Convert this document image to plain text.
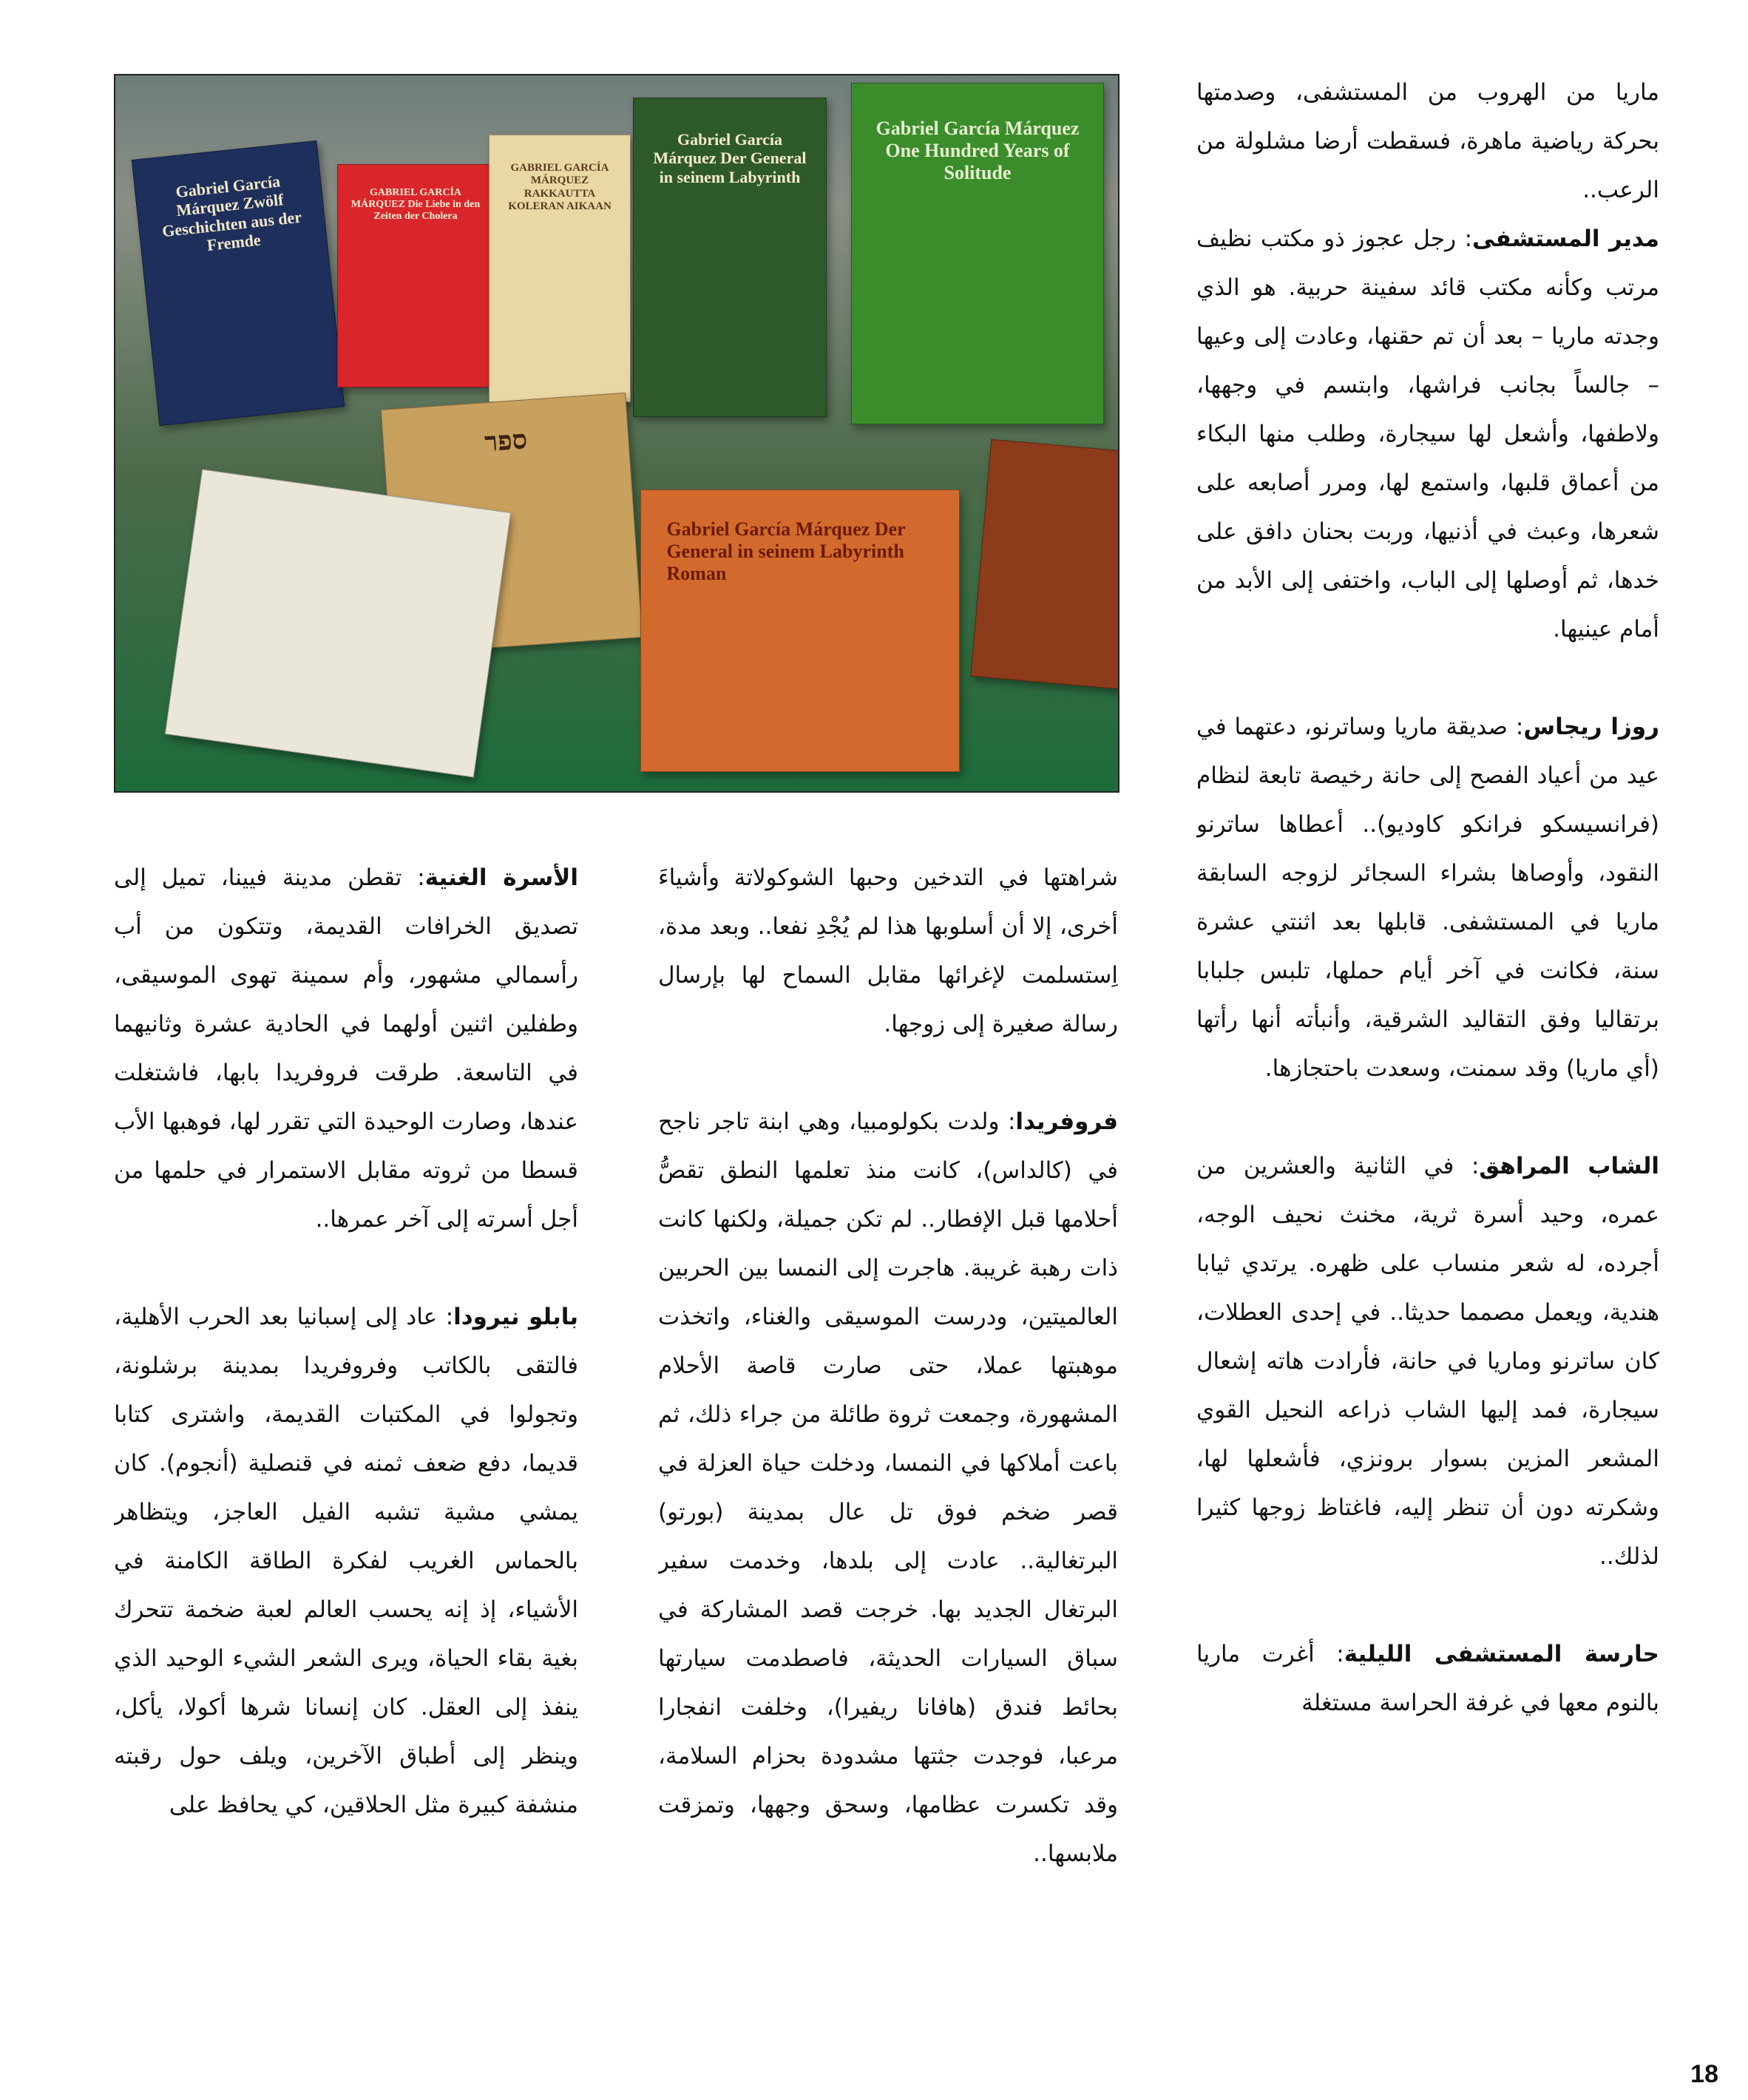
Gabriel García Márquez Zwölf Geschichten aus der Fremde
GABRIEL GARCÍA MÁRQUEZ Die Liebe in den Zeiten der Cholera
GABRIEL GARCÍA MÁRQUEZ RAKKAUTTA KOLERAN AIKAAN
Gabriel García Márquez Der General in seinem Labyrinth
Gabriel García Márquez One Hundred Years of Solitude
ספר
Gabriel García Márquez Der General in seinem Labyrinth Roman

ماريا من الهروب من المستشفى، وصدمتها بحركة رياضية ماهرة، فسقطت أرضا مشلولة من الرعب..

مدير المستشفى: رجل عجوز ذو مكتب نظيف مرتب وكأنه مكتب قائد سفينة حربية. هو الذي وجدته ماريا – بعد أن تم حقنها، وعادت إلى وعيها – جالساً بجانب فراشها، وابتسم في وجهها، ولاطفها، وأشعل لها سيجارة، وطلب منها البكاء من أعماق قلبها، واستمع لها، ومرر أصابعه على شعرها، وعبث في أذنيها، وربت بحنان دافق على خدها، ثم أوصلها إلى الباب، واختفى إلى الأبد من أمام عينيها.

روزا ريجاس: صديقة ماريا وساترنو، دعتهما في عيد من أعياد الفصح إلى حانة رخيصة تابعة لنظام (فرانسيسكو فرانكو كاوديو).. أعطاها ساترنو النقود، وأوصاها بشراء السجائر لزوجه السابقة ماريا في المستشفى. قابلها بعد اثنتي عشرة سنة، فكانت في آخر أيام حملها، تلبس جلبابا برتقاليا وفق التقاليد الشرقية، وأنبأته أنها رأتها (أي ماريا) وقد سمنت، وسعدت باحتجازها.

الشاب المراهق: في الثانية والعشرين من عمره، وحيد أسرة ثرية، مخنث نحيف الوجه، أجرده، له شعر منساب على ظهره. يرتدي ثيابا هندية، ويعمل مصمما حديثا.. في إحدى العطلات، كان ساترنو وماريا في حانة، فأرادت هاته إشعال سيجارة، فمد إليها الشاب ذراعه النحيل القوي المشعر المزين بسوار برونزي، فأشعلها لها، وشكرته دون أن تنظر إليه، فاغتاظ زوجها كثيرا لذلك..

حارسة المستشفى الليلية: أغرت ماريا بالنوم معها في غرفة الحراسة مستغلة

شراهتها في التدخين وحبها الشوكولاتة وأشياءَ أخرى، إلا أن أسلوبها هذا لم يُجْدِ نفعا.. وبعد مدة، اِستسلمت لإغرائها مقابل السماح لها بإرسال رسالة صغيرة إلى زوجها.

فروفريدا: ولدت بكولومبيا، وهي ابنة تاجر ناجح في (كالداس)، كانت منذ تعلمها النطق تقصُّ أحلامها قبل الإفطار.. لم تكن جميلة، ولكنها كانت ذات رهبة غريبة. هاجرت إلى النمسا بين الحربين العالميتين، ودرست الموسيقى والغناء، واتخذت موهبتها عملا، حتى صارت قاصة الأحلام المشهورة، وجمعت ثروة طائلة من جراء ذلك، ثم باعت أملاكها في النمسا، ودخلت حياة العزلة في قصر ضخم فوق تل عال بمدينة (بورتو) البرتغالية.. عادت إلى بلدها، وخدمت سفير البرتغال الجديد بها. خرجت قصد المشاركة في سباق السيارات الحديثة، فاصطدمت سيارتها بحائط فندق (هافانا ريفيرا)، وخلفت انفجارا مرعبا، فوجدت جثتها مشدودة بحزام السلامة، وقد تكسرت عظامها، وسحق وجهها، وتمزقت ملابسها..

الأسرة الغنية: تقطن مدينة فيينا، تميل إلى تصديق الخرافات القديمة، وتتكون من أب رأسمالي مشهور، وأم سمينة تهوى الموسيقى، وطفلين اثنين أولهما في الحادية عشرة وثانيهما في التاسعة. طرقت فروفريدا بابها، فاشتغلت عندها، وصارت الوحيدة التي تقرر لها، فوهبها الأب قسطا من ثروته مقابل الاستمرار في حلمها من أجل أسرته إلى آخر عمرها..

بابلو نيرودا: عاد إلى إسبانيا بعد الحرب الأهلية، فالتقى بالكاتب وفروفريدا بمدينة برشلونة، وتجولوا في المكتبات القديمة، واشترى كتابا قديما، دفع ضعف ثمنه في قنصلية (أنجوم). كان يمشي مشية تشبه الفيل العاجز، ويتظاهر بالحماس الغريب لفكرة الطاقة الكامنة في الأشياء، إذ إنه يحسب العالم لعبة ضخمة تتحرك بغية بقاء الحياة، ويرى الشعر الشيء الوحيد الذي ينفذ إلى العقل. كان إنسانا شرها أكولا، يأكل، وينظر إلى أطباق الآخرين، ويلف حول رقبته منشفة كبيرة مثل الحلاقين، كي يحافظ على

18
